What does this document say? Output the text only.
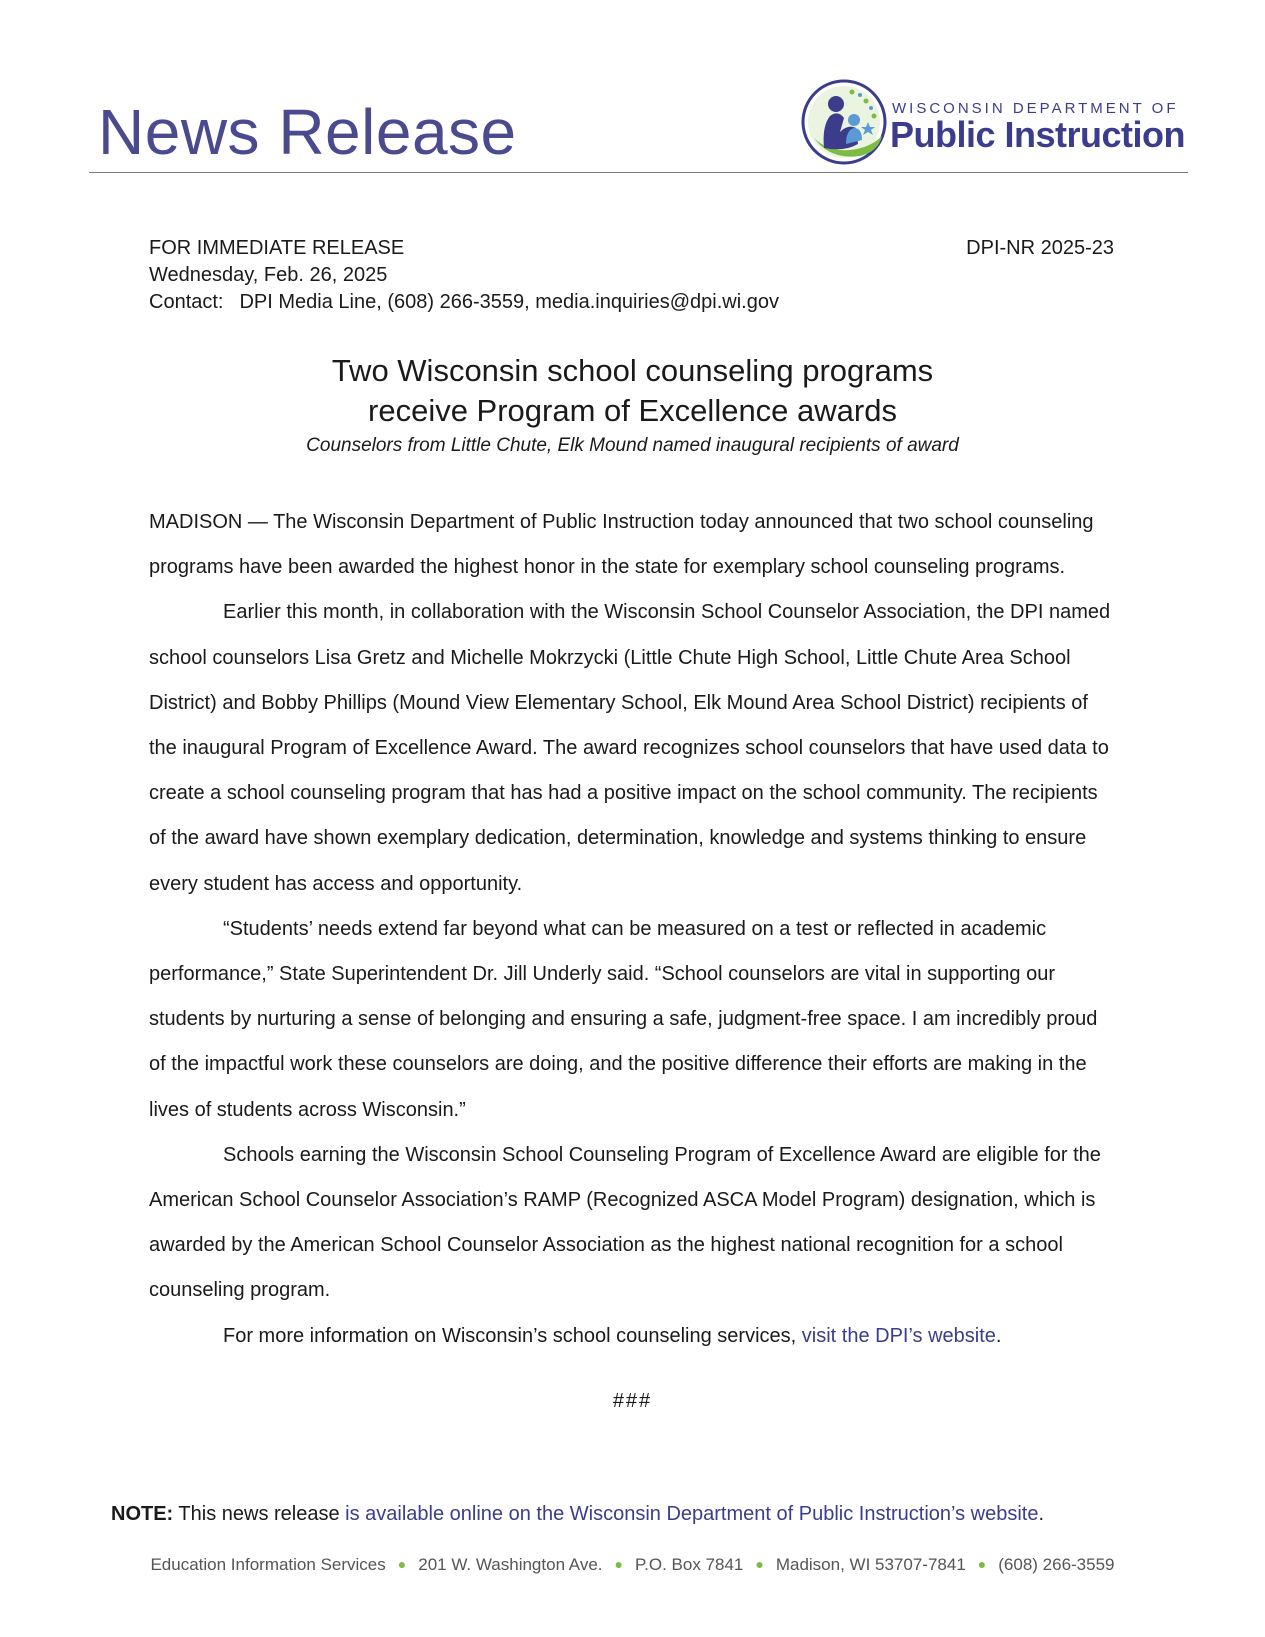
News Release	WISCONSIN DEPARTMENT OF
Public Instruction
FOR IMMEDIATE RELEASE	DPI-NR 2025-23
Wednesday, Feb. 26, 2025
Contact: DPI Media Line, (608) 266-3559, media.inquiries@dpi.wi.gov
Two Wisconsin school counseling programs
receive Program of Excellence awards
Counselors from Little Chute, Elk Mound named inaugural recipients of award

MADISON — The Wisconsin Department of Public Instruction today announced that two school counseling programs have been awarded the highest honor in the state for exemplary school counseling programs.

Earlier this month, in collaboration with the Wisconsin School Counselor Association, the DPI named school counselors Lisa Gretz and Michelle Mokrzycki (Little Chute High School, Little Chute Area School District) and Bobby Phillips (Mound View Elementary School, Elk Mound Area School District) recipients of the inaugural Program of Excellence Award. The award recognizes school counselors that have used data to create a school counseling program that has had a positive impact on the school community. The recipients of the award have shown exemplary dedication, determination, knowledge and systems thinking to ensure every student has access and opportunity.

“Students’ needs extend far beyond what can be measured on a test or reflected in academic performance,” State Superintendent Dr. Jill Underly said. “School counselors are vital in supporting our students by nurturing a sense of belonging and ensuring a safe, judgment-free space. I am incredibly proud of the impactful work these counselors are doing, and the positive difference their efforts are making in the lives of students across Wisconsin.”

Schools earning the Wisconsin School Counseling Program of Excellence Award are eligible for the American School Counselor Association’s RAMP (Recognized ASCA Model Program) designation, which is awarded by the American School Counselor Association as the highest national recognition for a school counseling program.

For more information on Wisconsin’s school counseling services, visit the DPI’s website.

###
NOTE: This news release is available online on the Wisconsin Department of Public Instruction’s website.
Education Information Services ● 201 W. Washington Ave. ● P.O. Box 7841 ● Madison, WI 53707-7841 ● (608) 266-3559
